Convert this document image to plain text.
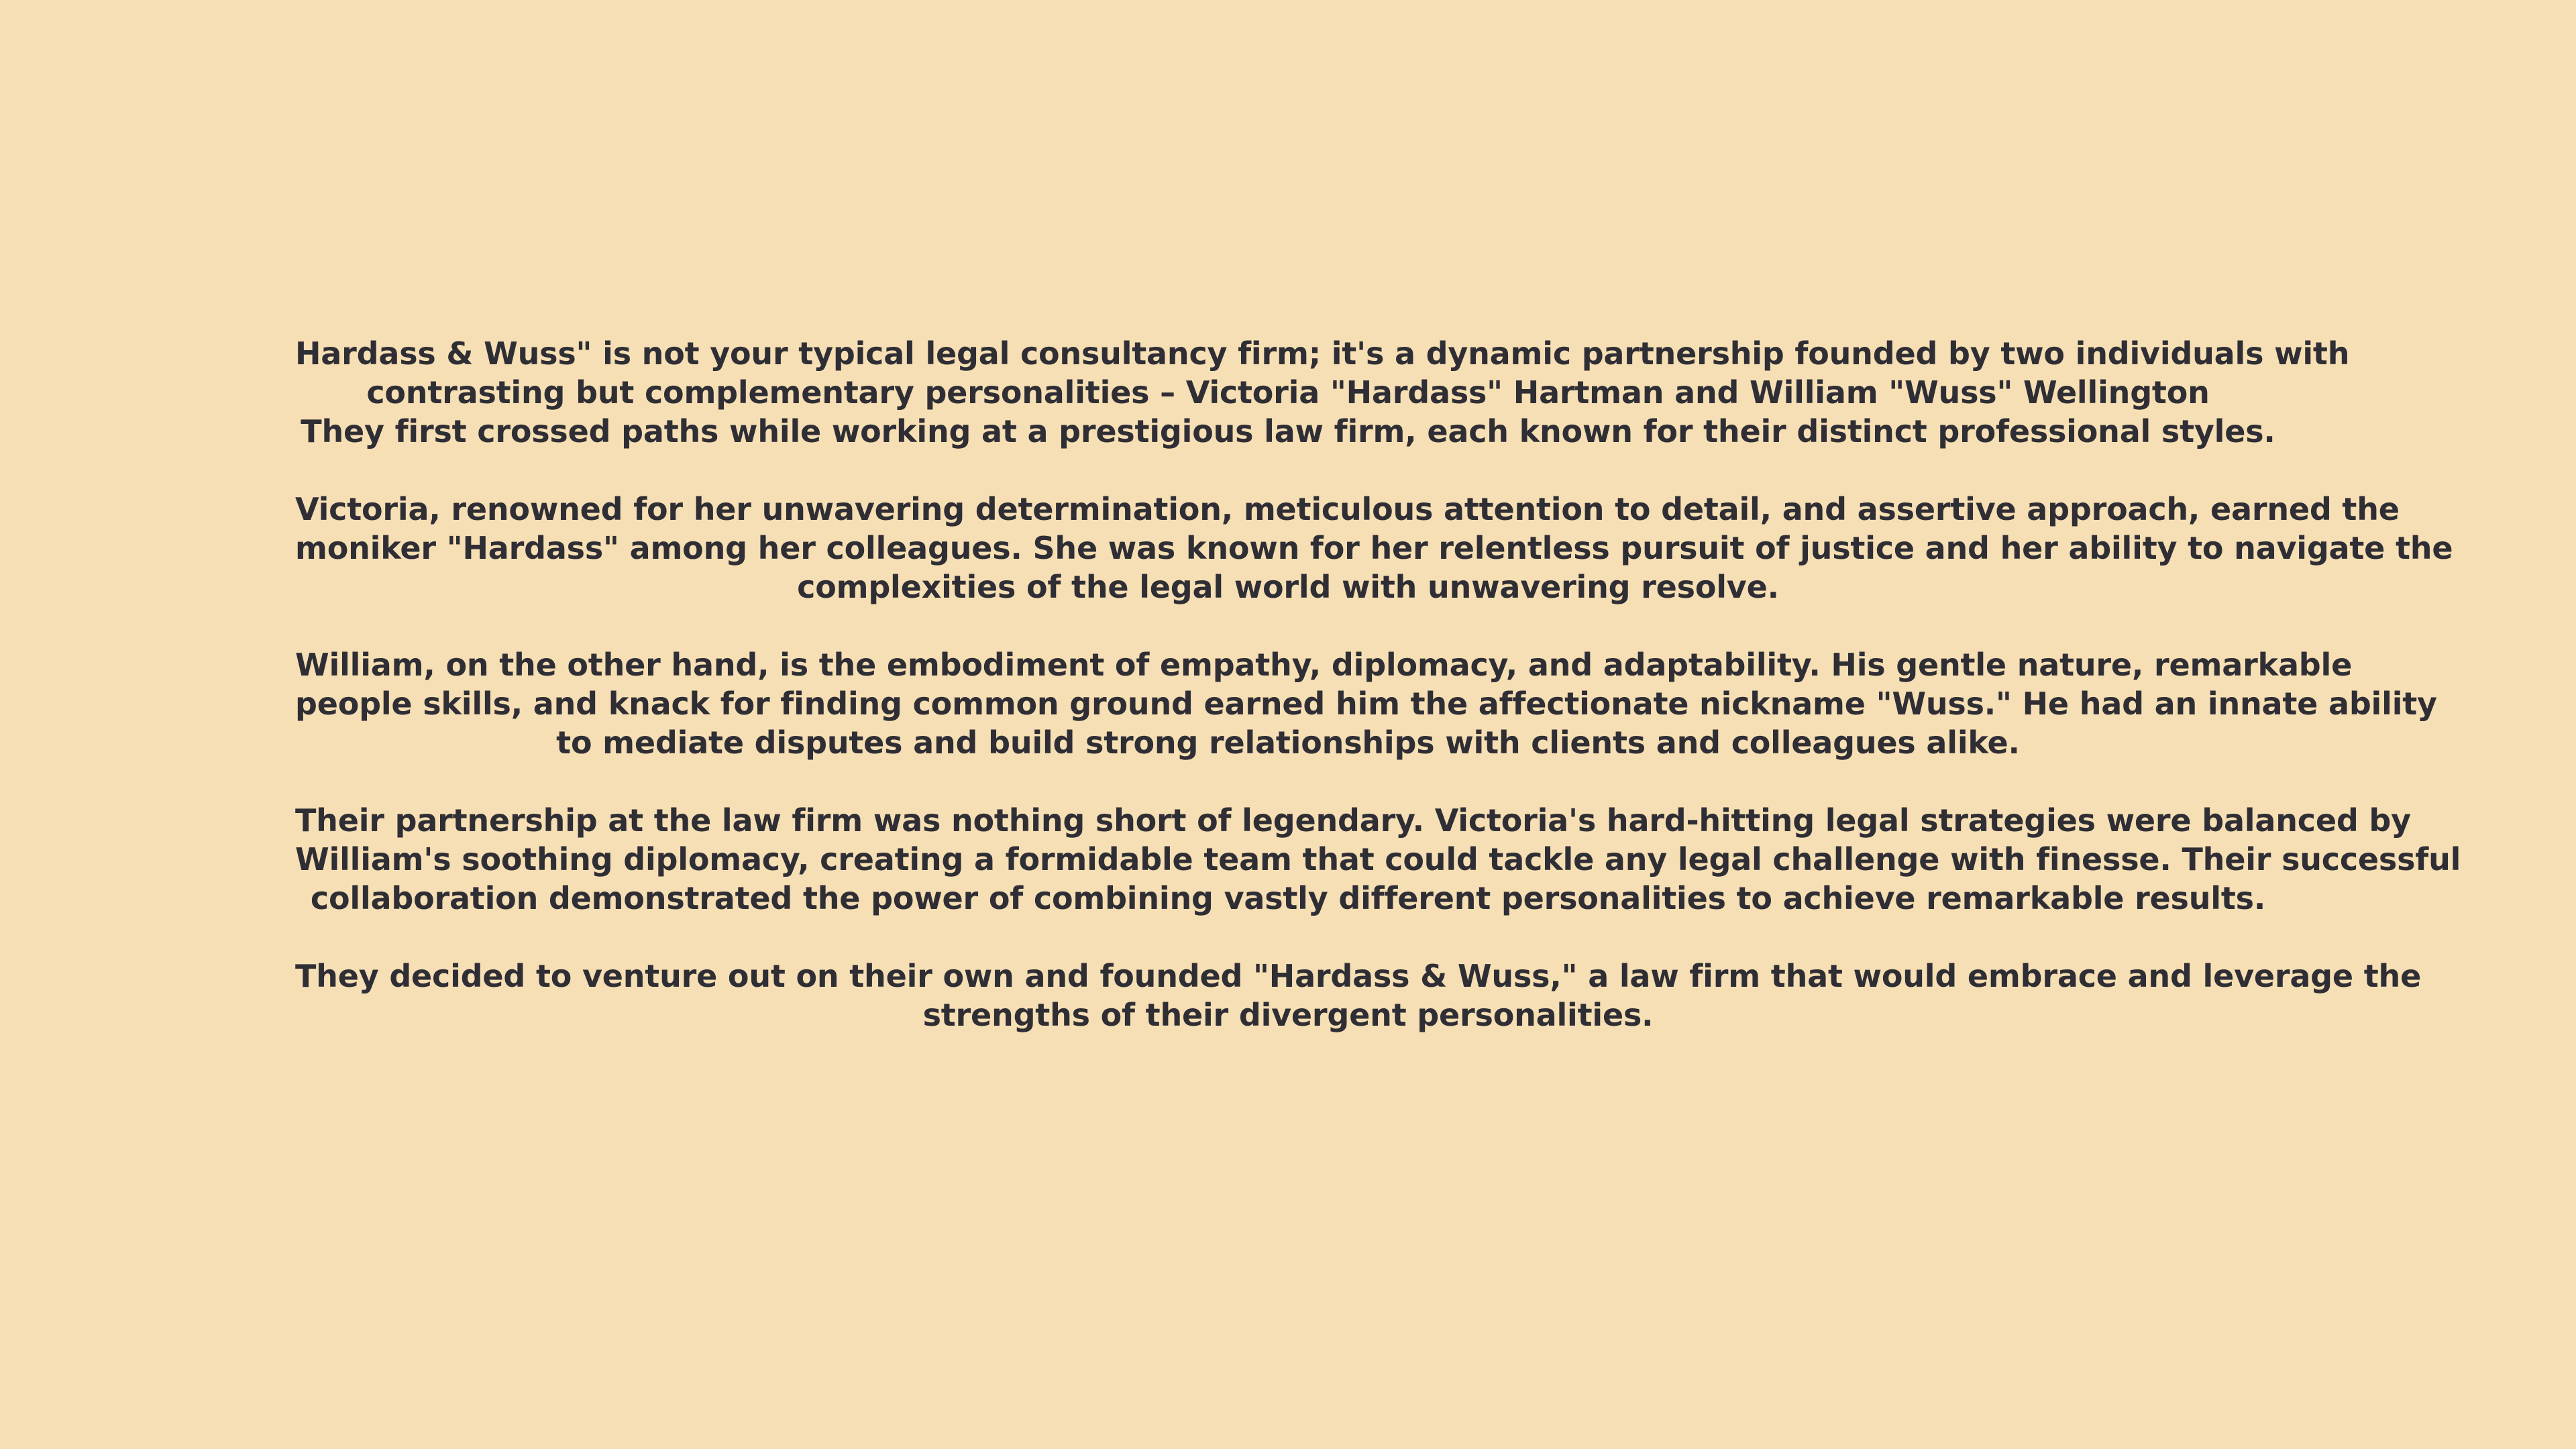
Hardass & Wuss" is not your typical legal consultancy firm; it's a dynamic partnership founded by two individuals with
contrasting but complementary personalities – Victoria "Hardass" Hartman and William "Wuss" Wellington
They first crossed paths while working at a prestigious law firm, each known for their distinct professional styles.

Victoria, renowned for her unwavering determination, meticulous attention to detail, and assertive approach, earned the
moniker "Hardass" among her colleagues. She was known for her relentless pursuit of justice and her ability to navigate the
complexities of the legal world with unwavering resolve.

William, on the other hand, is the embodiment of empathy, diplomacy, and adaptability. His gentle nature, remarkable
people skills, and knack for finding common ground earned him the affectionate nickname "Wuss." He had an innate ability
to mediate disputes and build strong relationships with clients and colleagues alike.

Their partnership at the law firm was nothing short of legendary. Victoria's hard-hitting legal strategies were balanced by
William's soothing diplomacy, creating a formidable team that could tackle any legal challenge with finesse. Their successful
collaboration demonstrated the power of combining vastly different personalities to achieve remarkable results.

They decided to venture out on their own and founded "Hardass & Wuss," a law firm that would embrace and leverage the
strengths of their divergent personalities.
